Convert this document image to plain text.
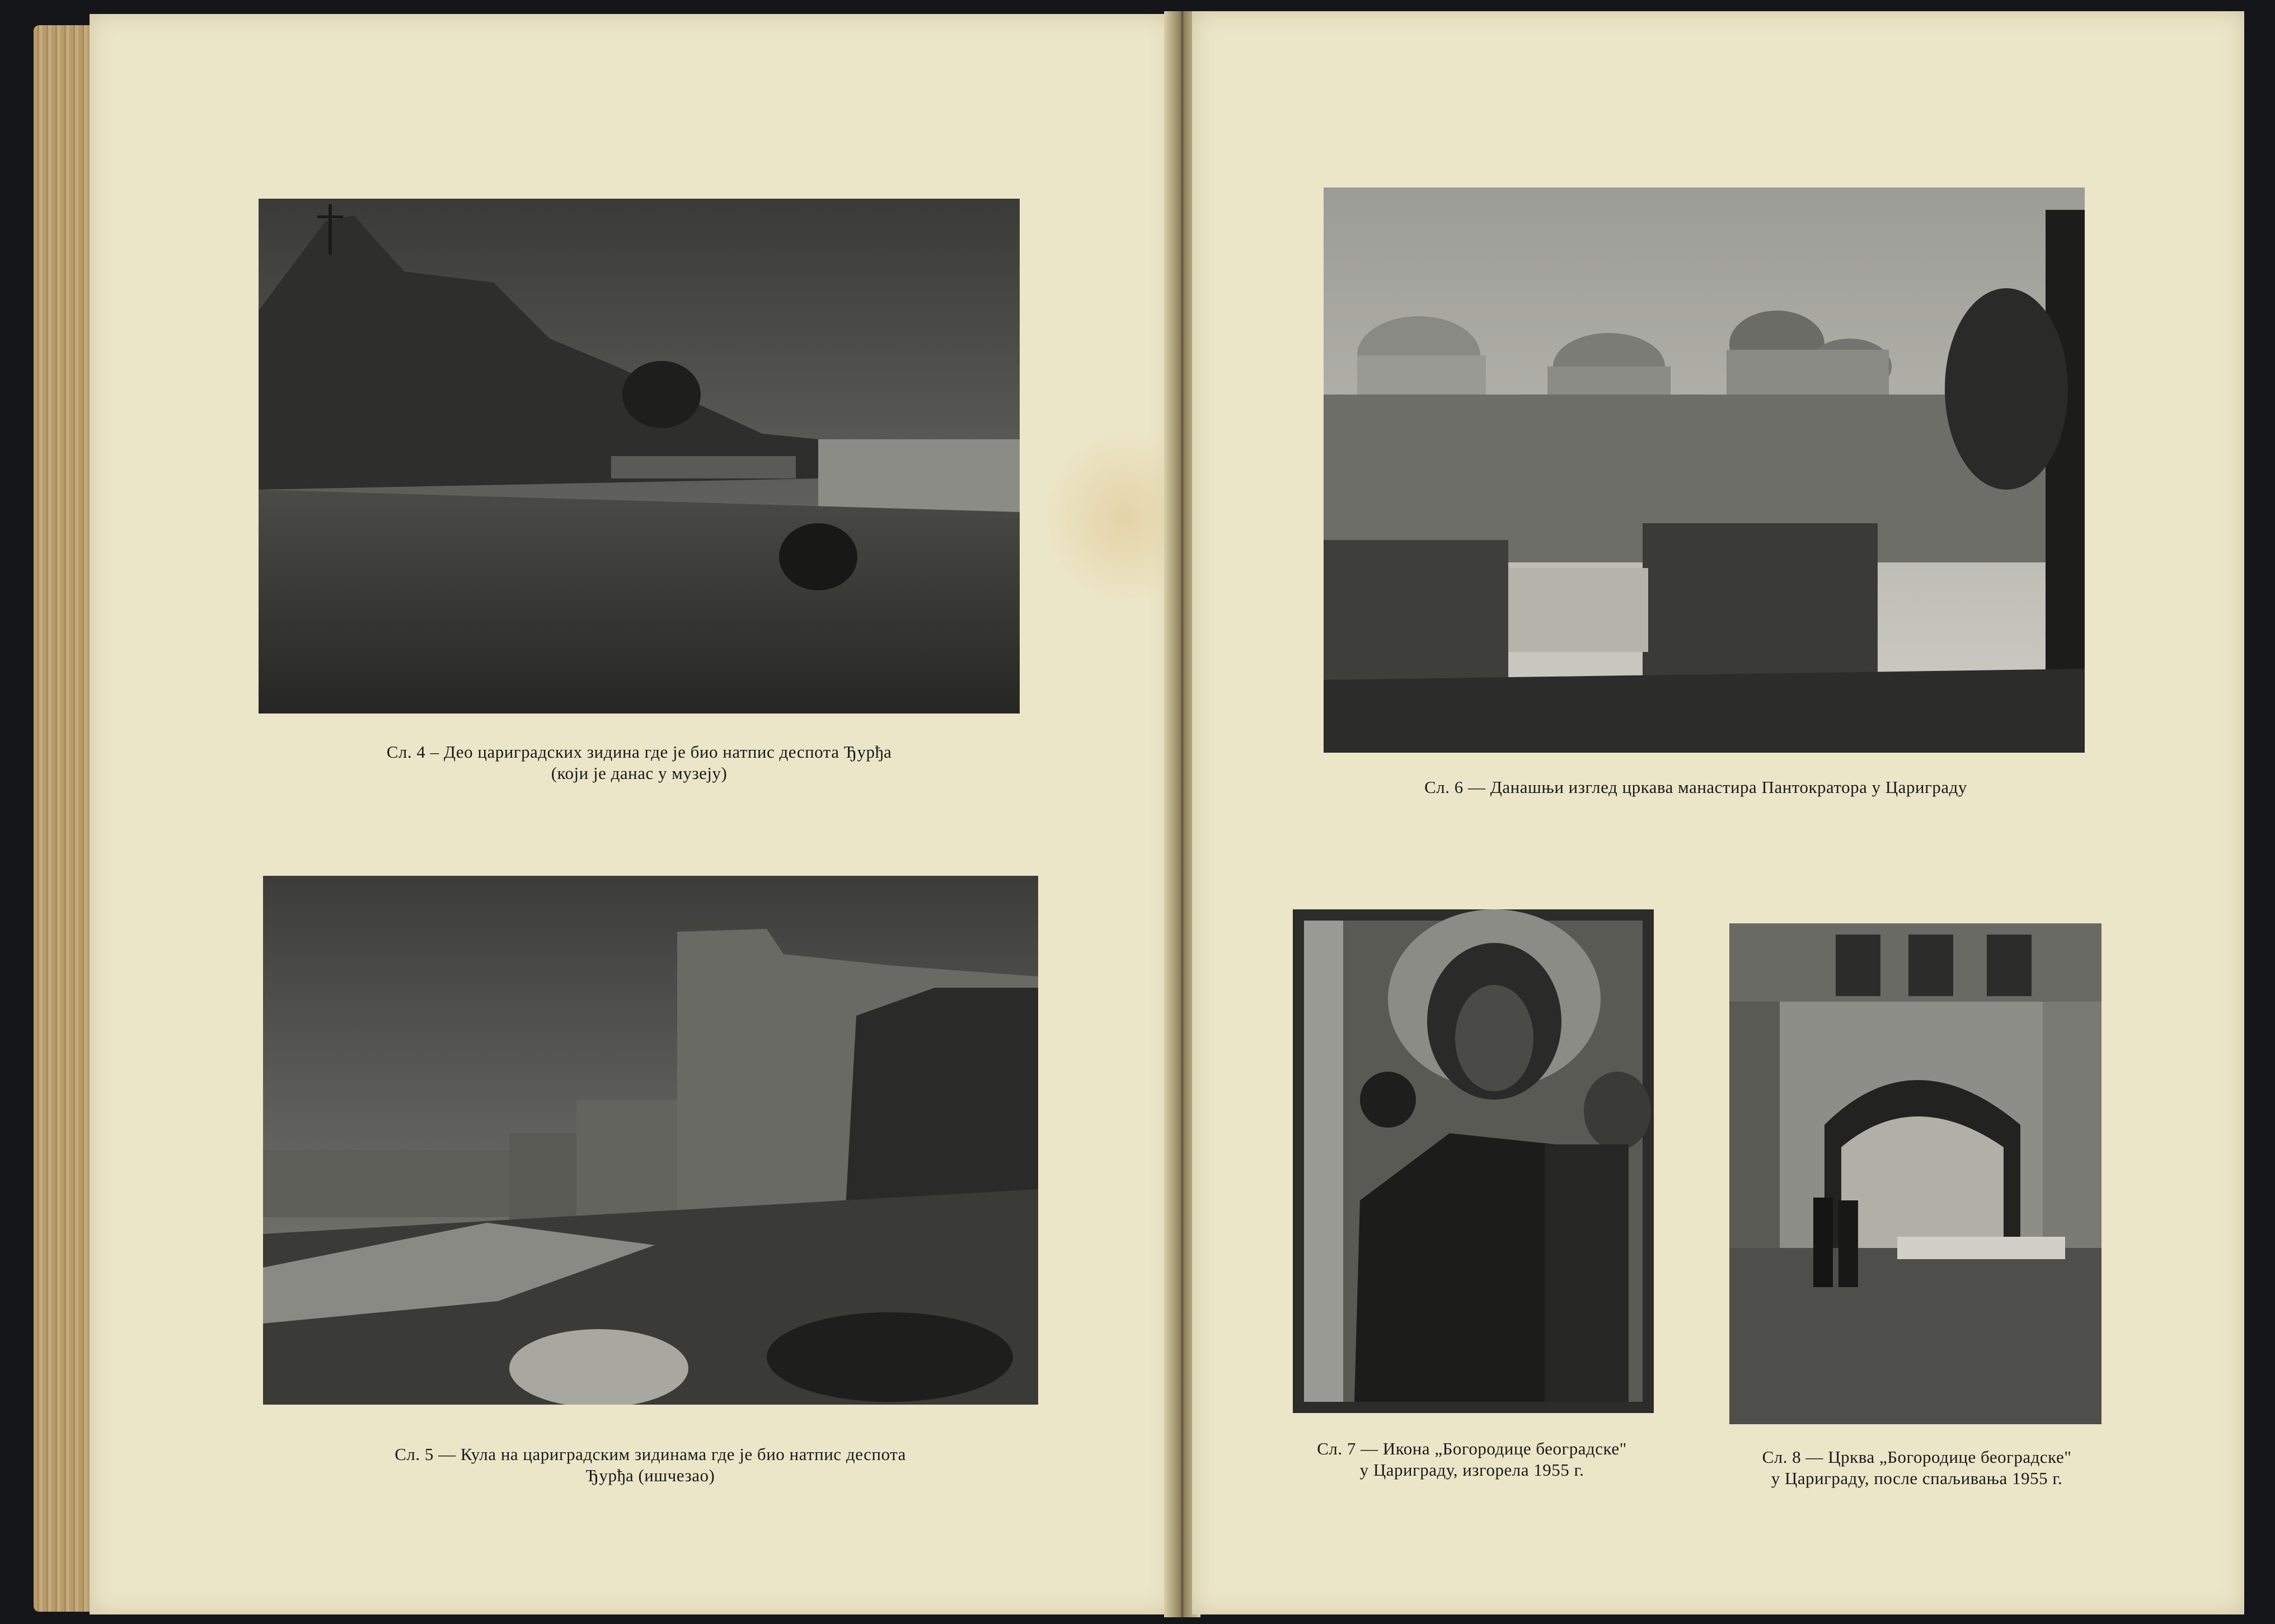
Сл. 4 – Део цариградских зидина где је био натпис деспота Ђурђа
(који је данас у музеју)
Сл. 5 — Кула на цариградским зидинама где је био натпис деспота
Ђурђа (ишчезао)
Сл. 6 — Данашњи изглед цркава манастира Пантократора у Цариграду
Сл. 7 — Икона „Богородице београдске"
у Цариграду, изгорела 1955 г.
Сл. 8 — Црква „Богородице београдске"
у Цариграду, после спаљивања 1955 г.
